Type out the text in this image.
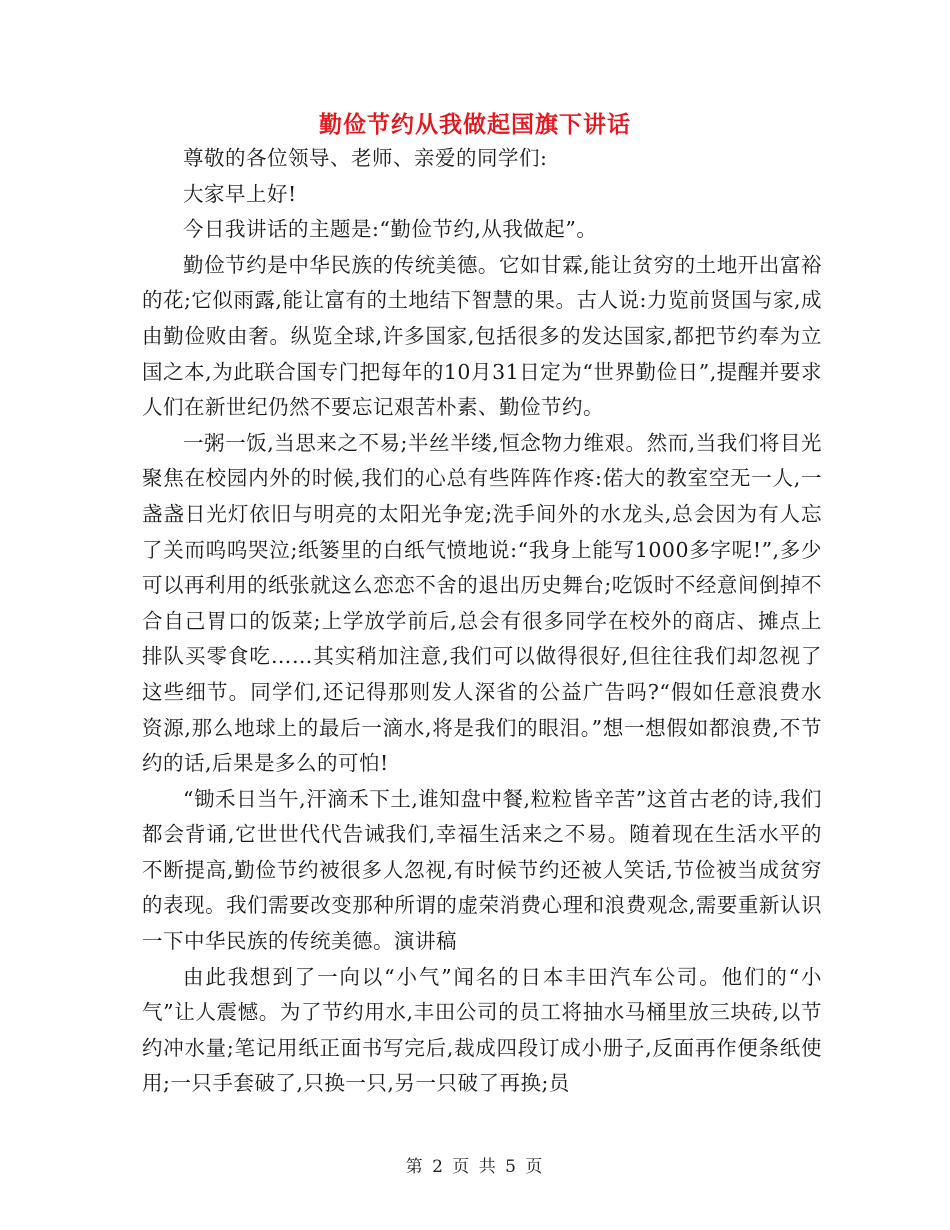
勤俭节约从我做起国旗下讲话

尊敬的各位领导、老师、亲爱的同学们:

大家早上好!

今日我讲话的主题是:“勤俭节约,从我做起”。

勤俭节约是中华民族的传统美德。它如甘霖,能让贫穷的土地开出富裕的花;它似雨露,能让富有的土地结下智慧的果。古人说:力览前贤国与家,成由勤俭败由奢。纵览全球,许多国家,包括很多的发达国家,都把节约奉为立国之本,为此联合国专门把每年的10月31日定为“世界勤俭日”,提醒并要求人们在新世纪仍然不要忘记艰苦朴素、勤俭节约。

一粥一饭,当思来之不易;半丝半缕,恒念物力维艰。然而,当我们将目光聚焦在校园内外的时候,我们的心总有些阵阵作疼:偌大的教室空无一人,一盏盏日光灯依旧与明亮的太阳光争宠;洗手间外的水龙头,总会因为有人忘了关而呜呜哭泣;纸篓里的白纸气愤地说:“我身上能写1000多字呢!”,多少可以再利用的纸张就这么恋恋不舍的退出历史舞台;吃饭时不经意间倒掉不合自己胃口的饭菜;上学放学前后,总会有很多同学在校外的商店、摊点上排队买零食吃……其实稍加注意,我们可以做得很好,但往往我们却忽视了这些细节。同学们,还记得那则发人深省的公益广告吗?“假如任意浪费水资源,那么地球上的最后一滴水,将是我们的眼泪。”想一想假如都浪费,不节约的话,后果是多么的可怕!

“锄禾日当午,汗滴禾下土,谁知盘中餐,粒粒皆辛苦”这首古老的诗,我们都会背诵,它世世代代告诫我们,幸福生活来之不易。随着现在生活水平的不断提高,勤俭节约被很多人忽视,有时候节约还被人笑话,节俭被当成贫穷的表现。我们需要改变那种所谓的虚荣消费心理和浪费观念,需要重新认识一下中华民族的传统美德。演讲稿

由此我想到了一向以“小气”闻名的日本丰田汽车公司。他们的“小气”让人震憾。为了节约用水,丰田公司的员工将抽水马桶里放三块砖,以节约冲水量;笔记用纸正面书写完后,裁成四段订成小册子,反面再作便条纸使用;一只手套破了,只换一只,另一只破了再换;员

第 2 页 共 5 页
